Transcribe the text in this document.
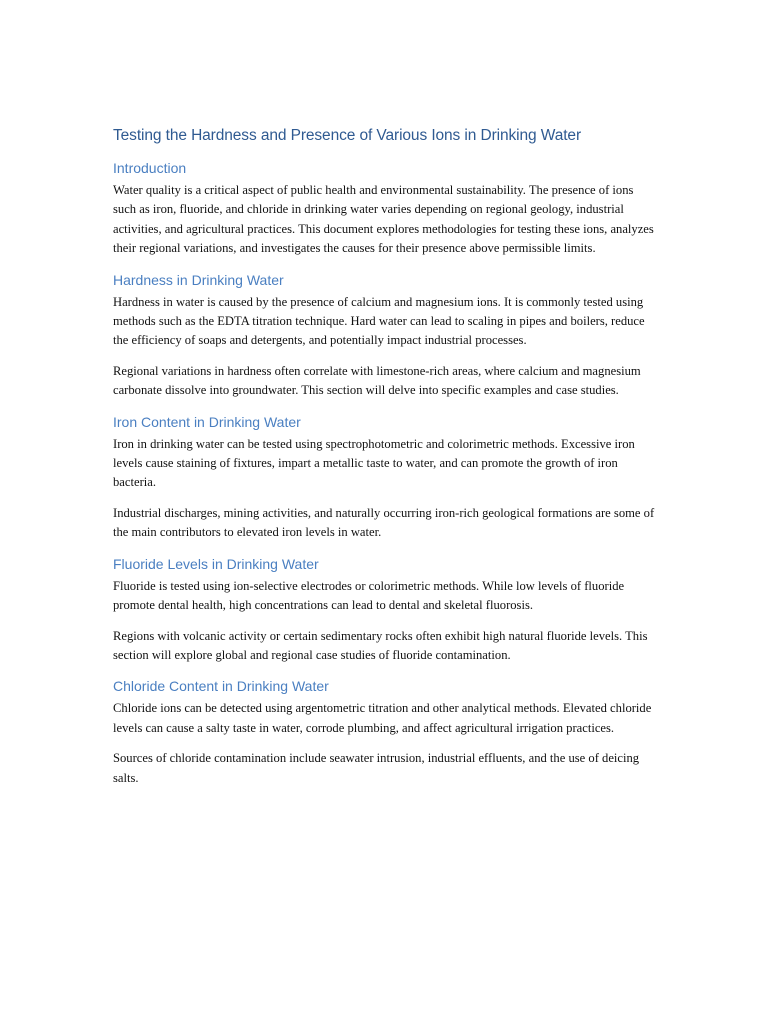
Testing the Hardness and Presence of Various Ions in Drinking Water
Introduction

Water quality is a critical aspect of public health and environmental sustainability. The presence of ions such as iron, fluoride, and chloride in drinking water varies depending on regional geology, industrial activities, and agricultural practices. This document explores methodologies for testing these ions, analyzes their regional variations, and investigates the causes for their presence above permissible limits.

Hardness in Drinking Water

Hardness in water is caused by the presence of calcium and magnesium ions. It is commonly tested using methods such as the EDTA titration technique. Hard water can lead to scaling in pipes and boilers, reduce the efficiency of soaps and detergents, and potentially impact industrial processes.

Regional variations in hardness often correlate with limestone-rich areas, where calcium and magnesium carbonate dissolve into groundwater. This section will delve into specific examples and case studies.

Iron Content in Drinking Water

Iron in drinking water can be tested using spectrophotometric and colorimetric methods. Excessive iron levels cause staining of fixtures, impart a metallic taste to water, and can promote the growth of iron bacteria.

Industrial discharges, mining activities, and naturally occurring iron-rich geological formations are some of the main contributors to elevated iron levels in water.

Fluoride Levels in Drinking Water

Fluoride is tested using ion-selective electrodes or colorimetric methods. While low levels of fluoride promote dental health, high concentrations can lead to dental and skeletal fluorosis.

Regions with volcanic activity or certain sedimentary rocks often exhibit high natural fluoride levels. This section will explore global and regional case studies of fluoride contamination.

Chloride Content in Drinking Water

Chloride ions can be detected using argentometric titration and other analytical methods. Elevated chloride levels can cause a salty taste in water, corrode plumbing, and affect agricultural irrigation practices.

Sources of chloride contamination include seawater intrusion, industrial effluents, and the use of deicing salts.
